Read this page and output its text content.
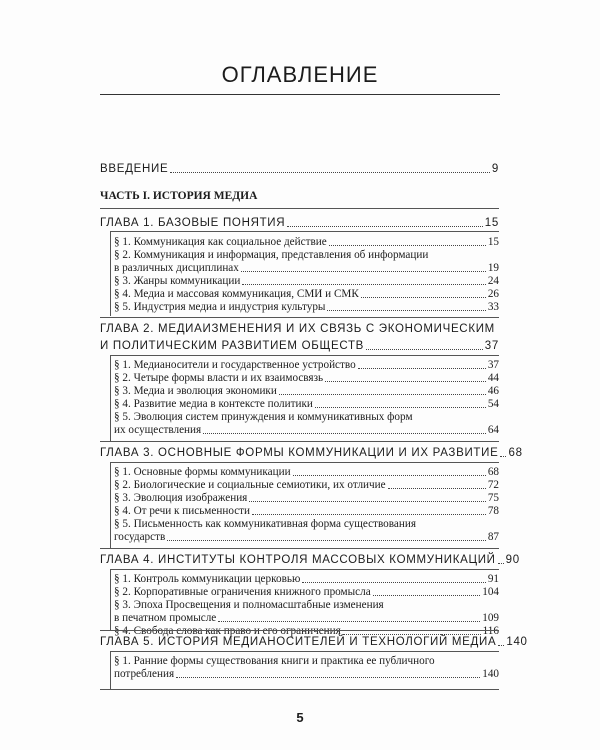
ОГЛАВЛЕНИЕ
ВВЕДЕНИЕ	9
ЧАСТЬ I. ИСТОРИЯ МЕДИА
ГЛАВА 1. БАЗОВЫЕ ПОНЯТИЯ	15
§ 1. Коммуникация как социальное действие	15
§ 2. Коммуникация и информация, представления об информации
в различных дисциплинах	19
§ 3. Жанры коммуникации	24
§ 4. Медиа и массовая коммуникация, СМИ и СМК	26
§ 5. Индустрия медиа и индустрия культуры	33
ГЛАВА 2. МЕДИАИЗМЕНЕНИЯ И ИХ СВЯЗЬ С ЭКОНОМИЧЕСКИМ
И ПОЛИТИЧЕСКИМ РАЗВИТИЕМ ОБЩЕСТВ	37
§ 1. Медианосители и государственное устройство	37
§ 2. Четыре формы власти и их взаимосвязь	44
§ 3. Медиа и эволюция экономики	46
§ 4. Развитие медиа в контексте политики	54
§ 5. Эволюция систем принуждения и коммуникативных форм
их осуществления	64
ГЛАВА 3. ОСНОВНЫЕ ФОРМЫ КОММУНИКАЦИИ И ИХ РАЗВИТИЕ 68
§ 1. Основные формы коммуникации	68
§ 2. Биологические и социальные семиотики, их отличие	72
§ 3. Эволюция изображения	75
§ 4. От речи к письменности	78
§ 5. Письменность как коммуникативная форма существования
государств	87
ГЛАВА 4. ИНСТИТУТЫ КОНТРОЛЯ МАССОВЫХ КОММУНИКАЦИЙ 90
§ 1. Контроль коммуникации церковью	91
§ 2. Корпоративные ограничения книжного промысла	104
§ 3. Эпоха Просвещения и полномасштабные изменения
в печатном промысле	109
§ 4. Свобода слова как право и его ограничения	116
ГЛАВА 5. ИСТОРИЯ МЕДИАНОСИТЕЛЕЙ И ТЕХНОЛОГИЙ МЕДИА 140
§ 1. Ранние формы существования книги и практика ее публичного
потребления	140
5
